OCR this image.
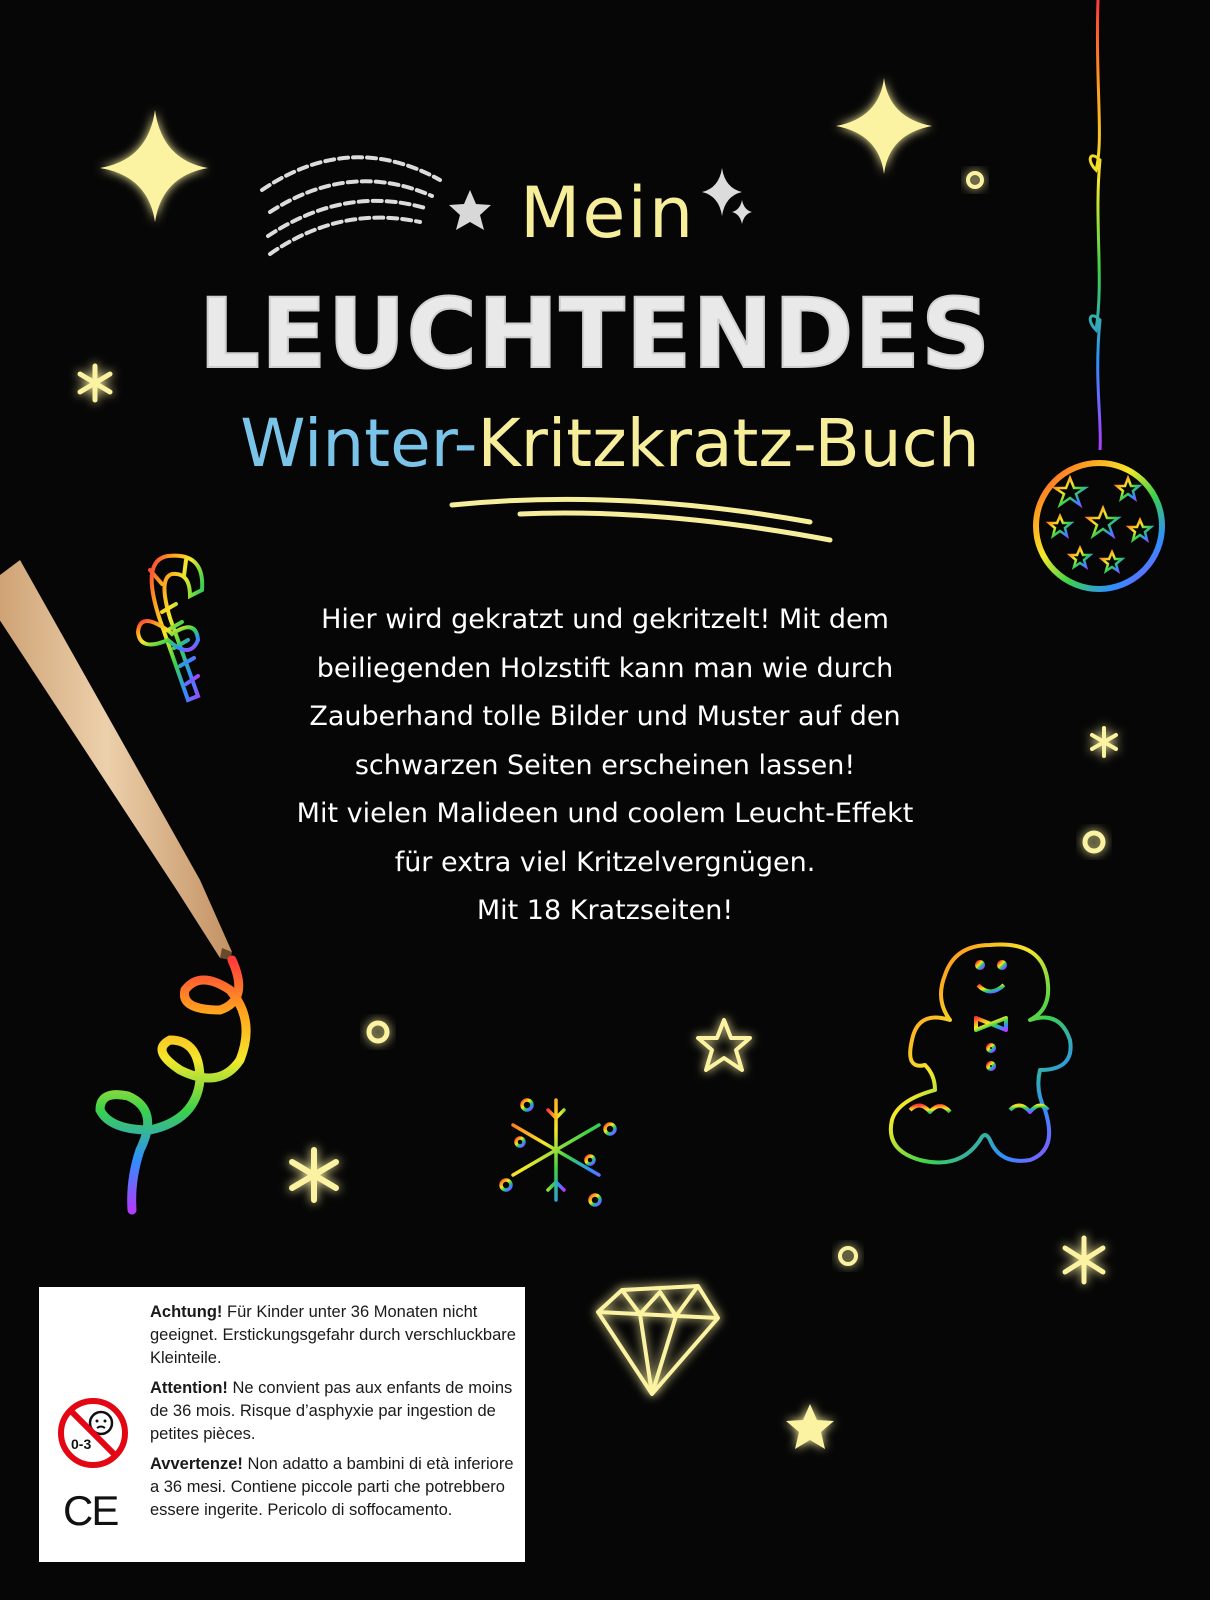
Mein
LEUCHTENDES
Winter-Kritzkratz-Buch
Hier wird gekratzt und gekritzelt! Mit dem
beiliegenden Holzstift kann man wie durch
Zauberhand tolle Bilder und Muster auf den
schwarzen Seiten erscheinen lassen!
Mit vielen Malideen und coolem Leucht-Effekt
für extra viel Kritzelvergnügen.
Mit 18 Kratzseiten!
0-3
CE

Achtung! Für Kinder unter 36 Monaten nicht geeignet. Erstickungsgefahr durch verschluckbare Kleinteile.

Attention! Ne convient pas aux enfants de moins de 36 mois. Risque d’asphyxie par ingestion de petites pièces.

Avvertenze! Non adatto a bambini di età inferiore a 36 mesi. Contiene piccole parti che potrebbero essere ingerite. Pericolo di soffocamento.
